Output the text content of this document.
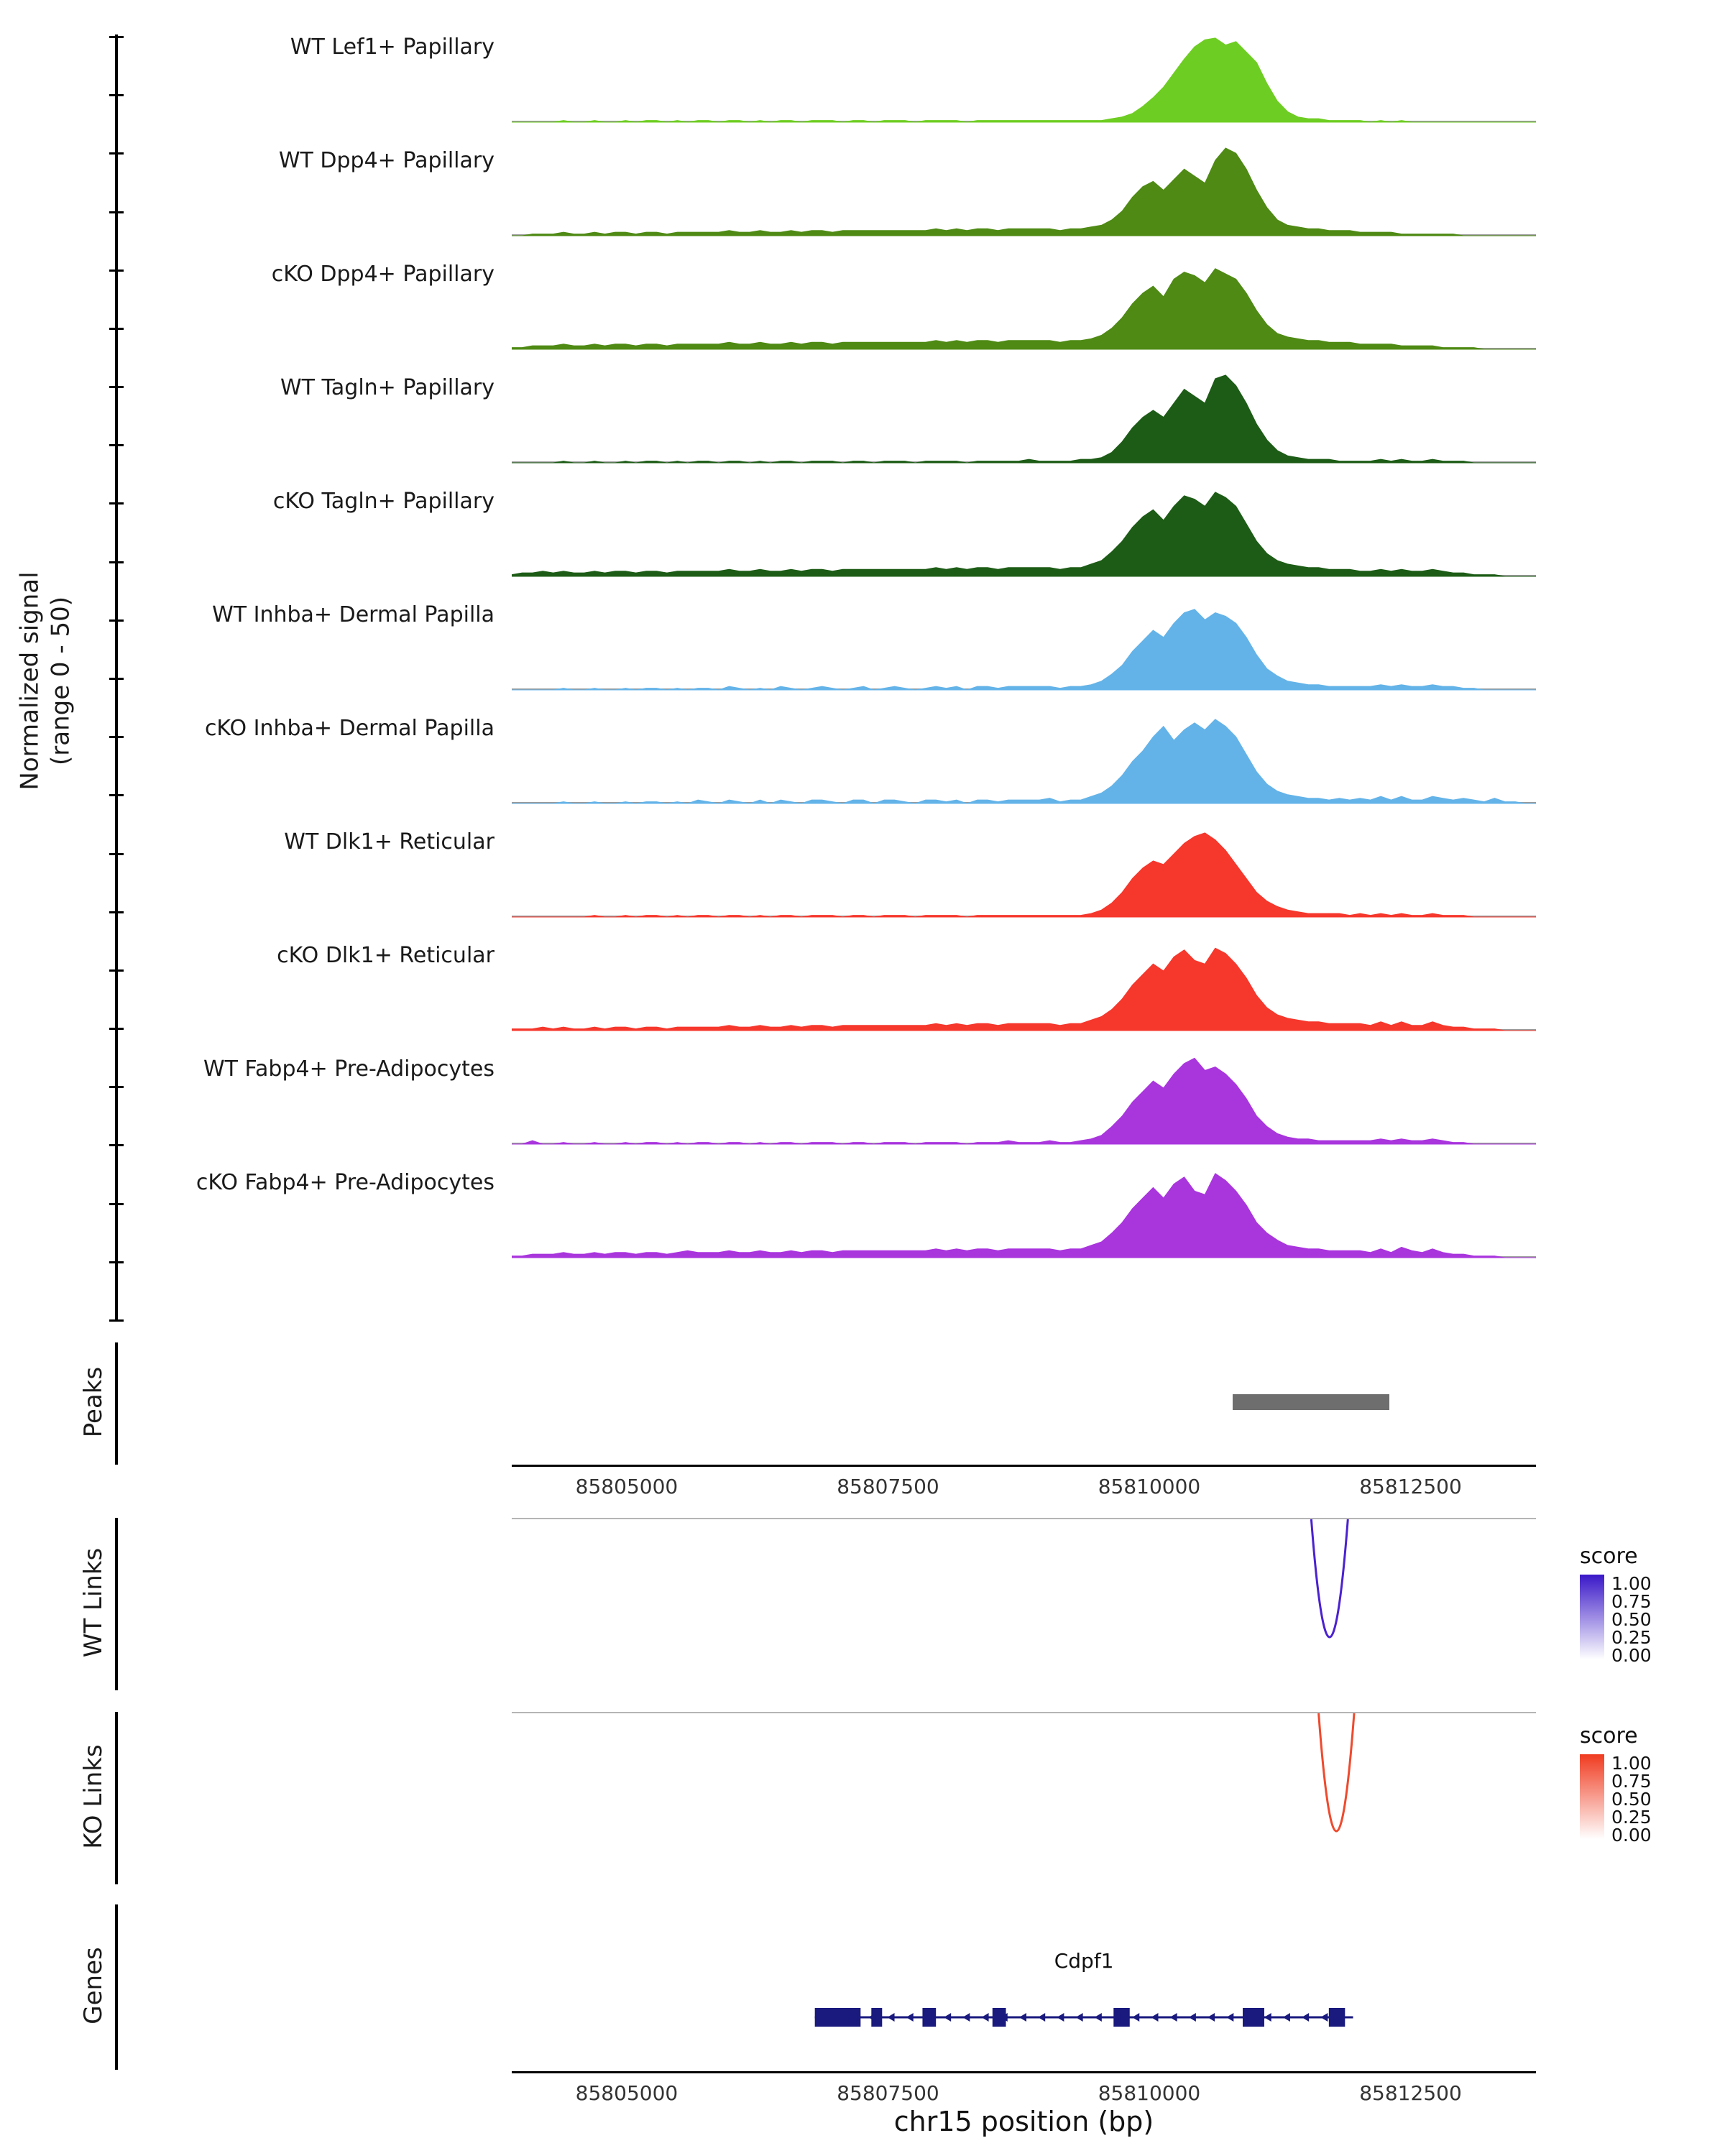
Normalized signal (range 0 - 50)
WT Lef1+ Papillary
WT Dpp4+ Papillary
cKO Dpp4+ Papillary
WT Tagln+ Papillary
cKO Tagln+ Papillary
WT Inhba+ Dermal Papilla
cKO Inhba+ Dermal Papilla
WT Dlk1+ Reticular
cKO Dlk1+ Reticular
WT Fabp4+ Pre-Adipocytes
cKO Fabp4+ Pre-Adipocytes
Peaks
85805000	85807500	85810000	85812500
WT Links	score
1.00
0.75
0.50
0.25
0.00
KO Links
score
1.00
0.75
0.50
0.25
0.00
Genes	Cdpf1
85805000	85807500	85810000	85812500
chr15 position (bp)
